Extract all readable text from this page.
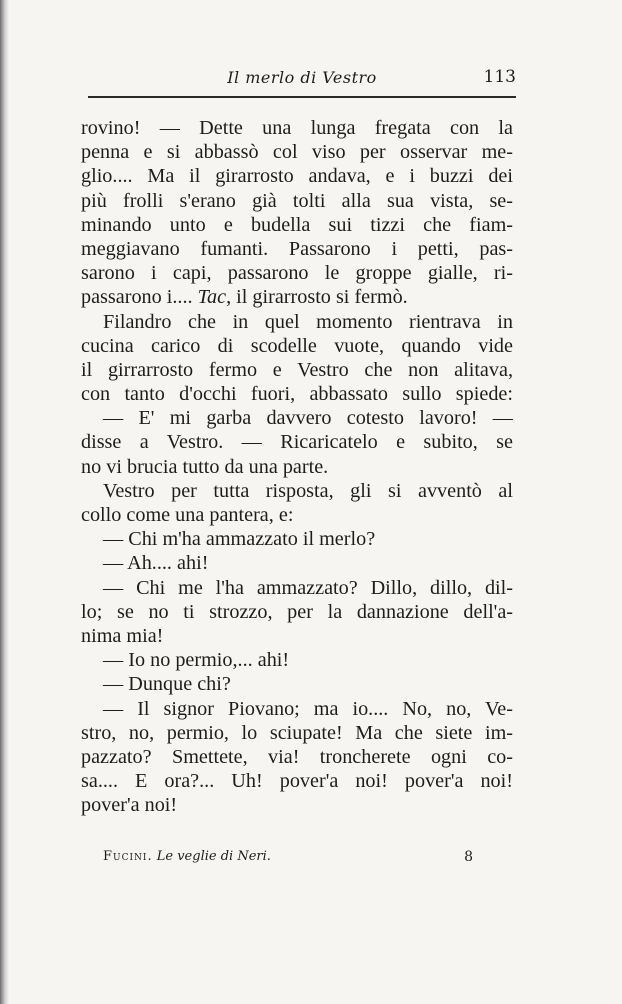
Il merlo di Vestro	113
rovino! — Dette una lunga fregata con la
penna e si abbassò col viso per osservar me-
glio.... Ma il girarrosto andava, e i buzzi dei
più frolli s'erano già tolti alla sua vista, se-
minando unto e budella sui tizzi che fiam-
meggiavano fumanti. Passarono i petti, pas-
sarono i capi, passarono le groppe gialle, ri-
passarono i.... Tac, il girarrosto si fermò.
Filandro che in quel momento rientrava in
cucina carico di scodelle vuote, quando vide
il girrarrosto fermo e Vestro che non alitava,
con tanto d'occhi fuori, abbassato sullo spiede:
— E' mi garba davvero cotesto lavoro! —
disse a Vestro. — Ricaricatelo e subito, se
no vi brucia tutto da una parte.
Vestro per tutta risposta, gli si avventò al
collo come una pantera, e:
— Chi m'ha ammazzato il merlo?
— Ah.... ahi!
— Chi me l'ha ammazzato? Dillo, dillo, dil-
lo; se no ti strozzo, per la dannazione dell'a-
nima mia!
— Io no permio,... ahi!
— Dunque chi?
— Il signor Piovano; ma io.... No, no, Ve-
stro, no, permio, lo sciupate! Ma che siete im-
pazzato? Smettete, via! troncherete ogni co-
sa.... E ora?... Uh! pover'a noi! pover'a noi!
pover'a noi!
Fucini. Le veglie di Neri.	8
